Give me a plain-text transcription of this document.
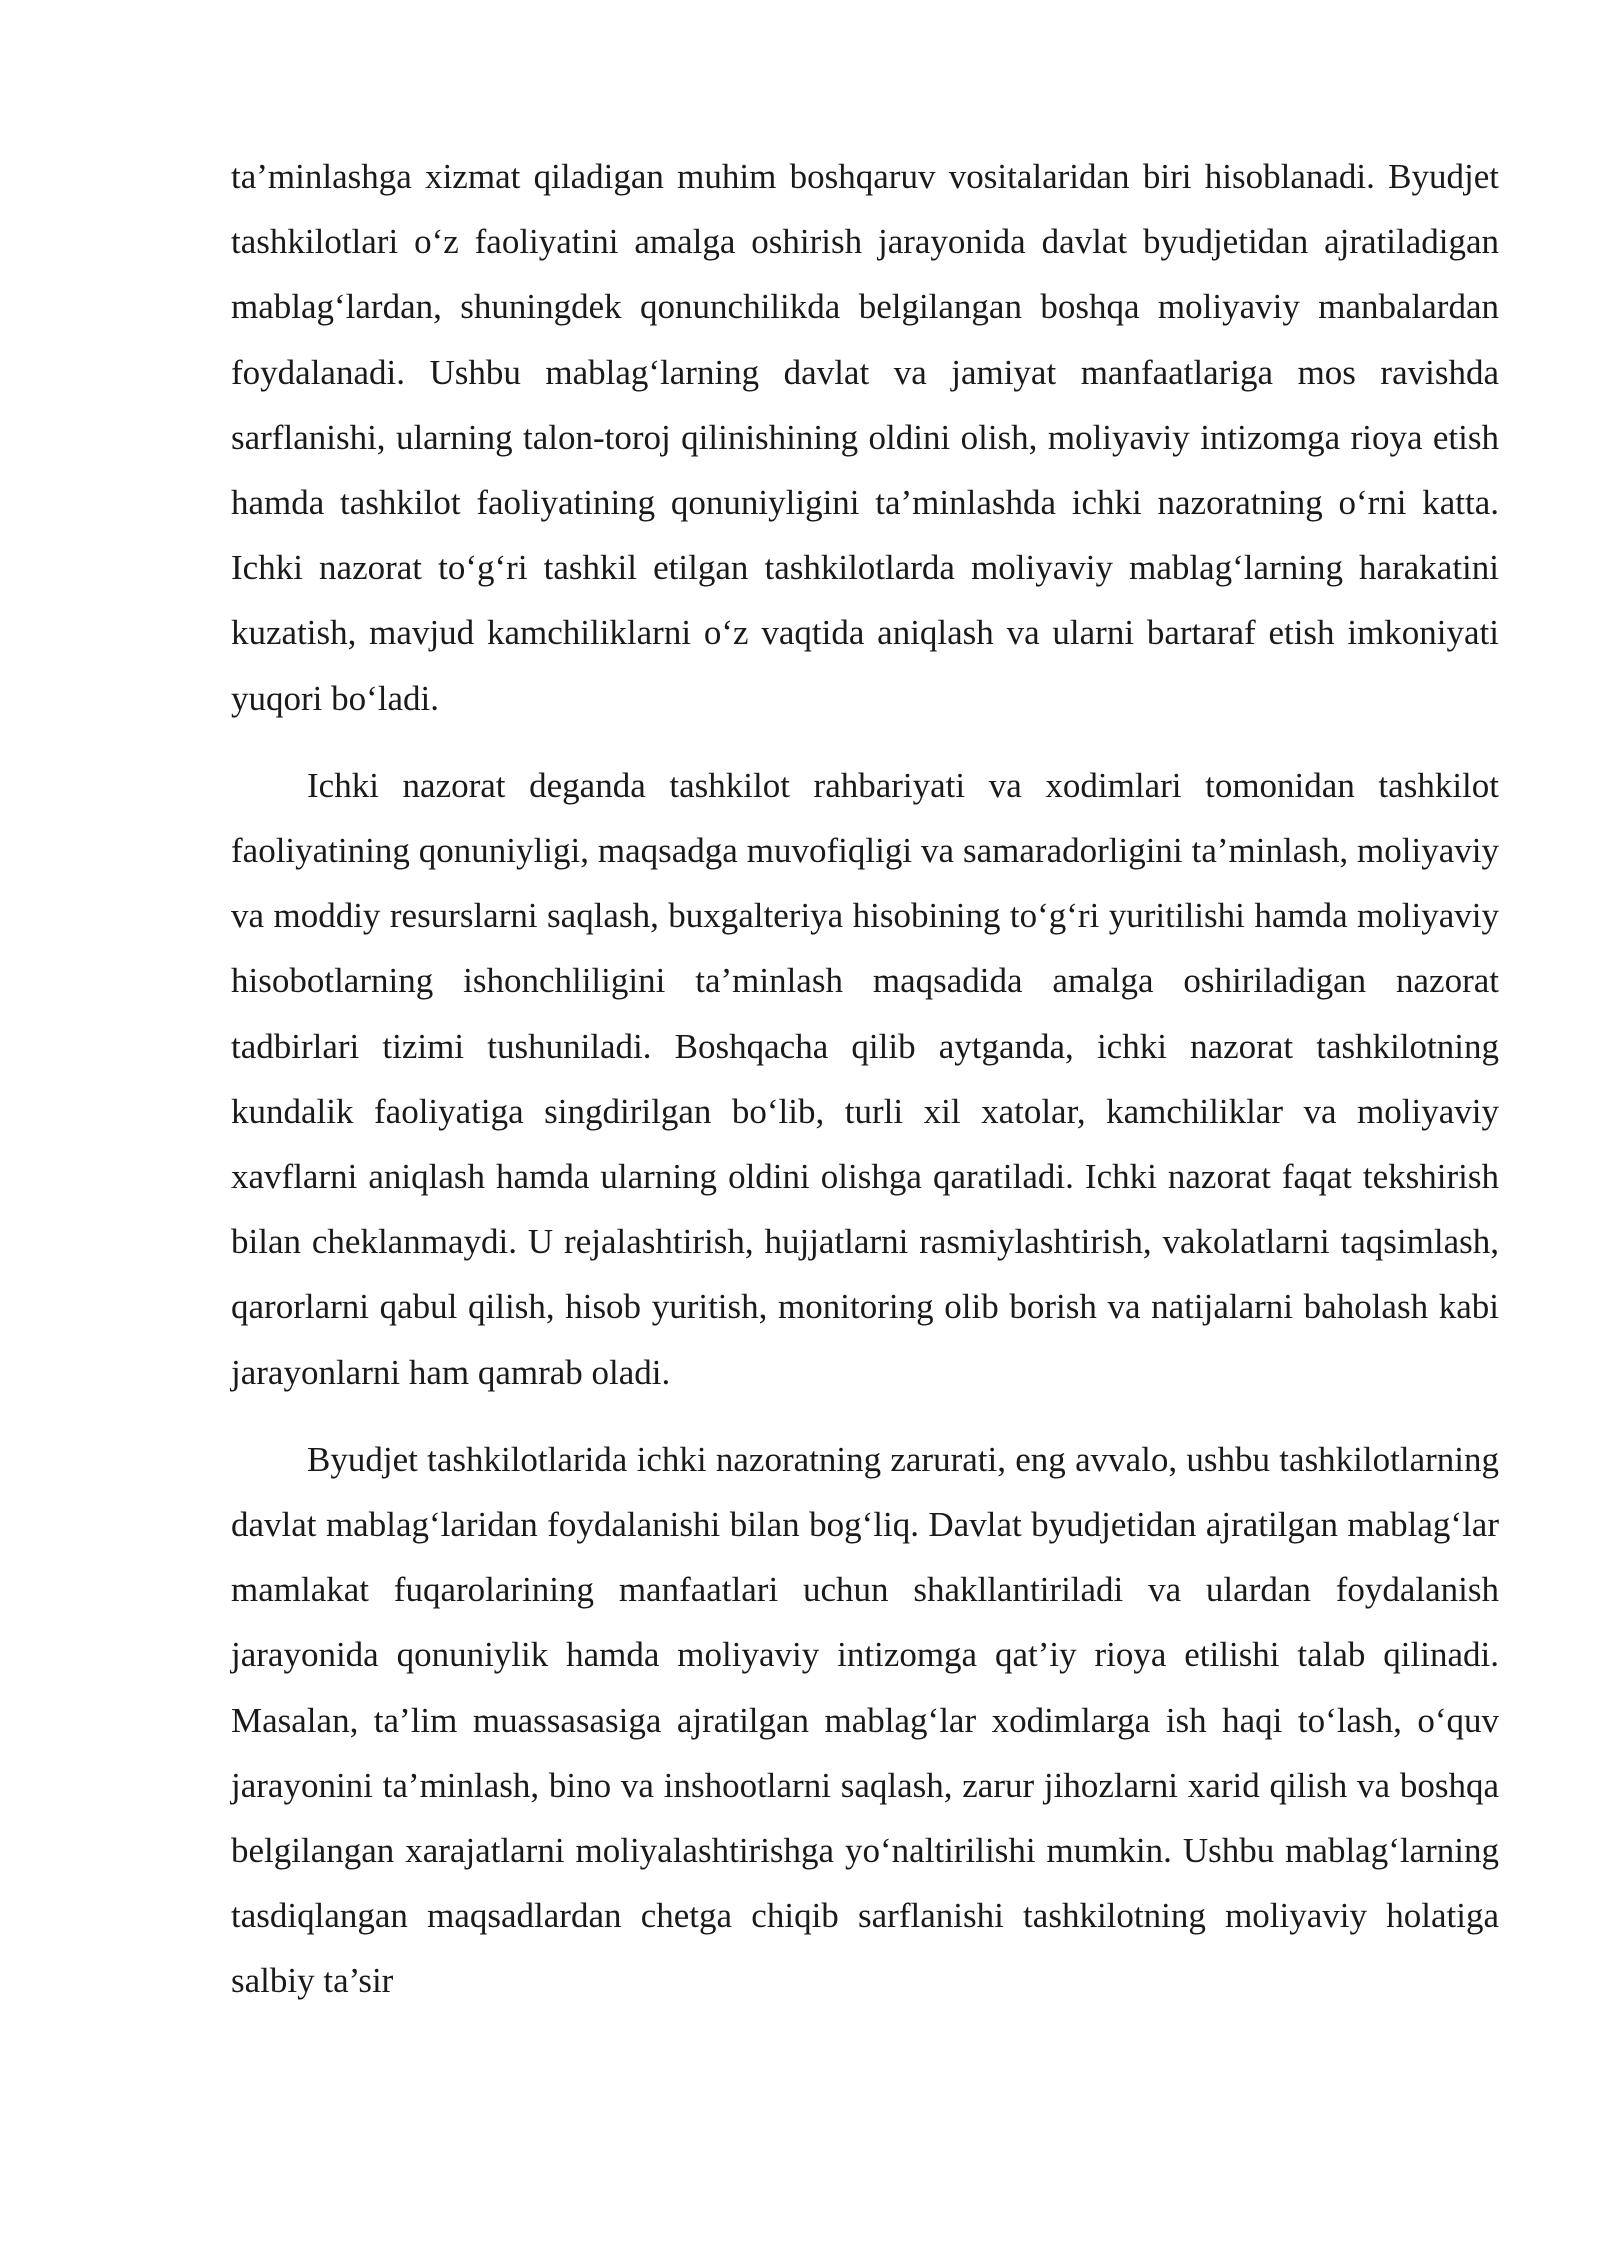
ta’minlashga xizmat qiladigan muhim boshqaruv vositalaridan biri hisoblanadi. Byudjet tashkilotlari o‘z faoliyatini amalga oshirish jarayonida davlat byudjetidan ajratiladigan mablag‘lardan, shuningdek qonunchilikda belgilangan boshqa moliyaviy manbalardan foydalanadi. Ushbu mablag‘larning davlat va jamiyat manfaatlariga mos ravishda sarflanishi, ularning talon-toroj qilinishining oldini olish, moliyaviy intizomga rioya etish hamda tashkilot faoliyatining qonuniyligini ta’minlashda ichki nazoratning o‘rni katta. Ichki nazorat to‘g‘ri tashkil etilgan tashkilotlarda moliyaviy mablag‘larning harakatini kuzatish, mavjud kamchiliklarni o‘z vaqtida aniqlash va ularni bartaraf etish imkoniyati yuqori bo‘ladi.

Ichki nazorat deganda tashkilot rahbariyati va xodimlari tomonidan tashkilot faoliyatining qonuniyligi, maqsadga muvofiqligi va samaradorligini ta’minlash, moliyaviy va moddiy resurslarni saqlash, buxgalteriya hisobining to‘g‘ri yuritilishi hamda moliyaviy hisobotlarning ishonchliligini ta’minlash maqsadida amalga oshiriladigan nazorat tadbirlari tizimi tushuniladi. Boshqacha qilib aytganda, ichki nazorat tashkilotning kundalik faoliyatiga singdirilgan bo‘lib, turli xil xatolar, kamchiliklar va moliyaviy xavflarni aniqlash hamda ularning oldini olishga qaratiladi. Ichki nazorat faqat tekshirish bilan cheklanmaydi. U rejalashtirish, hujjatlarni rasmiylashtirish, vakolatlarni taqsimlash, qarorlarni qabul qilish, hisob yuritish, monitoring olib borish va natijalarni baholash kabi jarayonlarni ham qamrab oladi.

Byudjet tashkilotlarida ichki nazoratning zarurati, eng avvalo, ushbu tashkilotlarning davlat mablag‘laridan foydalanishi bilan bog‘liq. Davlat byudjetidan ajratilgan mablag‘lar mamlakat fuqarolarining manfaatlari uchun shakllantiriladi va ulardan foydalanish jarayonida qonuniylik hamda moliyaviy intizomga qat’iy rioya etilishi talab qilinadi. Masalan, ta’lim muassasasiga ajratilgan mablag‘lar xodimlarga ish haqi to‘lash, o‘quv jarayonini ta’minlash, bino va inshootlarni saqlash, zarur jihozlarni xarid qilish va boshqa belgilangan xarajatlarni moliyalashtirishga yo‘naltirilishi mumkin. Ushbu mablag‘larning tasdiqlangan maqsadlardan chetga chiqib sarflanishi tashkilotning moliyaviy holatiga salbiy ta’sir
